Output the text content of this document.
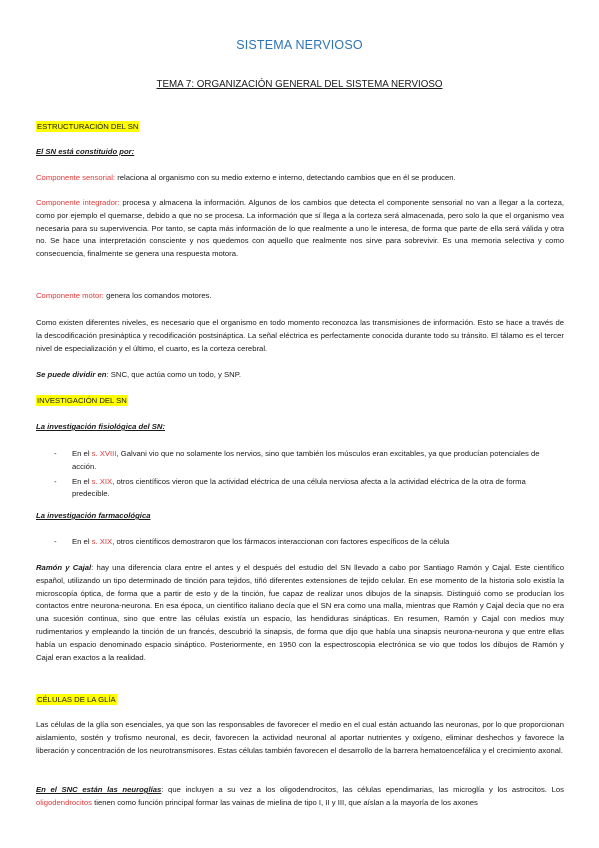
SISTEMA NERVIOSO
TEMA 7: ORGANIZACIÓN GENERAL DEL SISTEMA NERVIOSO
ESTRUCTURACIÓN DEL SN
El SN está constituido por:
Componente sensorial: relaciona al organismo con su medio externo e interno, detectando cambios que en él se producen.
Componente integrador: procesa y almacena la información. Algunos de los cambios que detecta el componente sensorial no van a llegar a la corteza, como por ejemplo el quemarse, debido a que no se procesa. La información que sí llega a la corteza será almacenada, pero solo la que el organismo vea necesaria para su supervivencia. Por tanto, se capta más información de lo que realmente a uno le interesa, de forma que parte de ella será válida y otra no. Se hace una interpretación consciente y nos quedemos con aquello que realmente nos sirve para sobrevivir. Es una memoria selectiva y como consecuencia, finalmente se genera una respuesta motora.
Componente motor: genera los comandos motores.
Como existen diferentes niveles, es necesario que el organismo en todo momento reconozca las transmisiones de información. Esto se hace a través de la descodificación presináptica y recodificación postsináptica. La señal eléctrica es perfectamente conocida durante todo su tránsito. El tálamo es el tercer nivel de especialización y el último, el cuarto, es la corteza cerebral.
Se puede dividir en: SNC, que actúa como un todo, y SNP.
INVESTIGACIÓN DEL SN
La investigación fisiológica del SN:
- En el s. XVIII, Galvani vio que no solamente los nervios, sino que también los músculos eran excitables, ya que producían potenciales de acción.
- En el s. XIX, otros científicos vieron que la actividad eléctrica de una célula nerviosa afecta a la actividad eléctrica de la otra de forma predecible.
La investigación farmacológica
- En el s. XIX, otros científicos demostraron que los fármacos interaccionan con factores específicos de la célula
Ramón y Cajal: hay una diferencia clara entre el antes y el después del estudio del SN llevado a cabo por Santiago Ramón y Cajal. Este científico español, utilizando un tipo determinado de tinción para tejidos, tiñó diferentes extensiones de tejido celular. En ese momento de la historia solo existía la microscopía óptica, de forma que a partir de esto y de la tinción, fue capaz de realizar unos dibujos de la sinapsis. Distinguió como se producían los contactos entre neurona-neurona. En esa época, un científico italiano decía que el SN era como una malla, mientras que Ramón y Cajal decía que no era una sucesión continua, sino que entre las células existía un espacio, las hendiduras sinápticas. En resumen, Ramón y Cajal con medios muy rudimentarios y empleando la tinción de un francés, descubrió la sinapsis, de forma que dijo que había una sinapsis neurona-neurona y que entre ellas había un espacio denominado espacio sináptico. Posteriormente, en 1950 con la espectroscopia electrónica se vio que todos los dibujos de Ramón y Cajal eran exactos a la realidad.
CÉLULAS DE LA GLÍA
Las células de la glía son esenciales, ya que son las responsables de favorecer el medio en el cual están actuando las neuronas, por lo que proporcionan aislamiento, sostén y trofismo neuronal, es decir, favorecen la actividad neuronal al aportar nutrientes y oxígeno, eliminar deshechos y favorece la liberación y concentración de los neurotransmisores. Estas células también favorecen el desarrollo de la barrera hematoencefálica y el crecimiento axonal.
En el SNC están las neuroglías: que incluyen a su vez a los oligodendrocitos, las células ependimarias, las microglía y los astrocitos. Los oligodendrocitos tienen como función principal formar las vainas de mielina de tipo I, II y III, que aíslan a la mayoría de los axones
